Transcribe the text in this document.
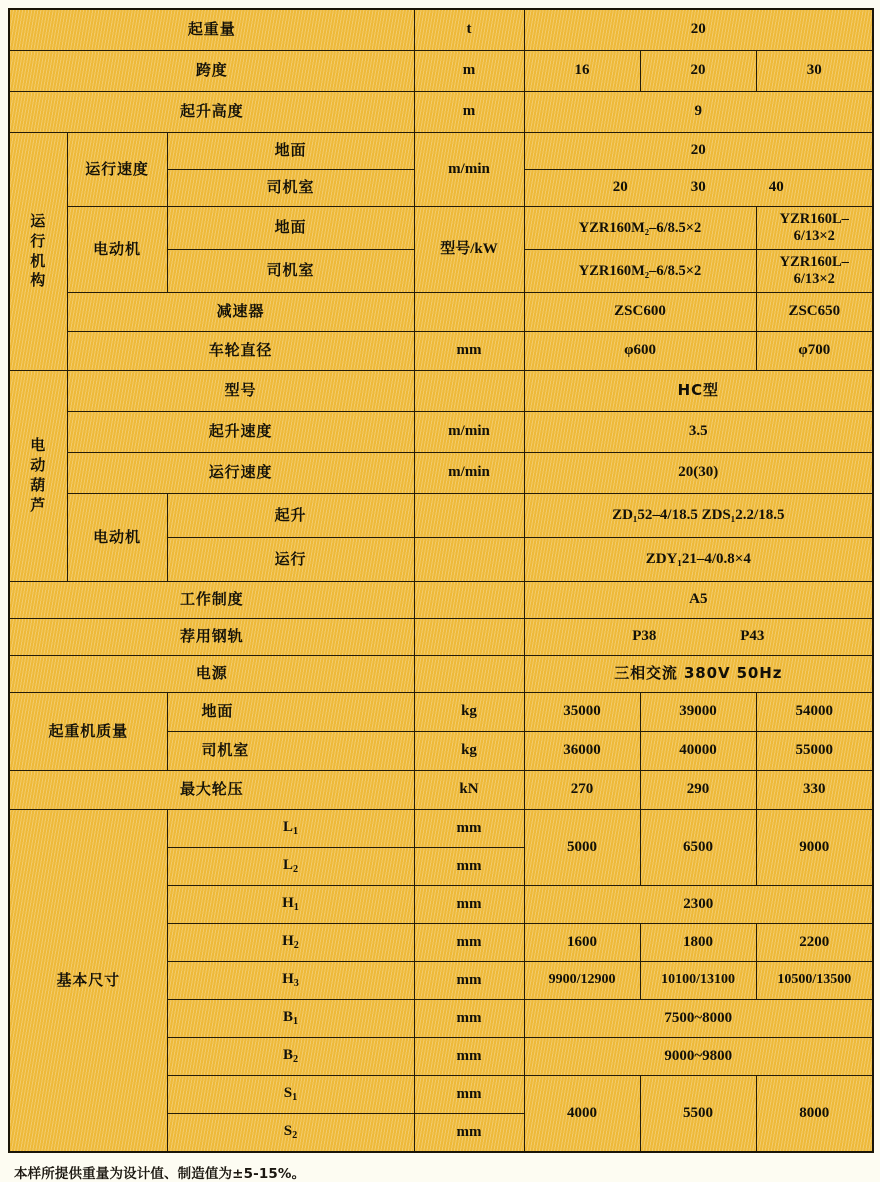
起重量			t	20		
跨度			m	16	20	30
起升高度			m	9		

运
行
机
构	运行速度	地面	m/min	20		
		司机室		20 30 40		
	电动机	地面	型号/kW	YZR160M₂–6/8.5×2		YZR160L–6/13×2
		司机室		YZR160M₂–6/8.5×2		YZR160L–6/13×2
	减速器			ZSC600		ZSC650
	车轮直径		mm	φ600		φ700

电
动
葫
芦	型号			HC型		
	起升速度		m/min	3.5		
	运行速度		m/min	20(30)		
	电动机	起升		ZD₁52–4/18.5 ZDS₁2.2/18.5		
		运行		ZDY₁21–4/0.8×4		
工作制度				A5		
荐用钢轨				P38 P43		
电源				三相交流 380V 50Hz		
起重机质量		地面	kg	35000	39000	54000
		司机室	kg	36000	40000	55000
最大轮压			kN	270	290	330
基本尺寸		$L_1$	mm	5000	6500	9000
		$L_2$	mm			
		$H_1$	mm	2300		
		$H_2$	mm	1600	1800	2200
		$H_3$	mm	9900/12900	10100/13100	10500/13500
		$B_1$	mm	7500~8000		
		$B_2$	mm	9000~9800		
		$S_1$	mm	4000	5500	8000
		$S_2$	mm			
本样所提供重量为设计值、制造值为±5-15%。
